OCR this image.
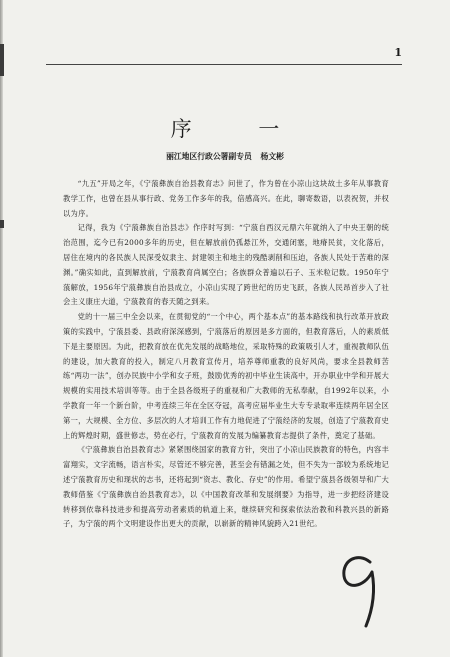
1
序 一
丽江地区行政公署副专员 杨文彬

“九五”开局之年，《宁蒗彝族自治县教育志》问世了，作为曾在小凉山这块故土多年从事教育教学工作，也曾在县从事行政、党务工作多年的我，倍感高兴。在此，聊寄数语，以表祝贺，并权以为序。

记得，我为《宁蒗彝族自治县志》作序时写到：“宁蒗自西汉元鼎六年就纳入了中央王朝的统治范围，迄今已有2000多年的历史，但在解放前仍孤悬江外，交通闭塞，地瘠民贫，文化落后，居住在境内的各民族人民深受奴隶主、封建领主和地主的残酷剥削和压迫，各族人民处于苦难的深渊。”确实如此，直到解放前，宁蒗教育尚属空白；各族群众普遍以石子、玉米粒记数。1950年宁蒗解放，1956年宁蒗彝族自治县成立，小凉山实现了跨世纪的历史飞跃，各族人民昂首步入了社会主义康庄大道，宁蒗教育的春天随之到来。

党的十一届三中全会以来，在贯彻党的“一个中心，两个基本点”的基本路线和执行改革开放政策的实践中，宁蒗县委、县政府深深感到，宁蒗落后的原因是多方面的，但教育落后，人的素质低下是主要原因。为此，把教育放在优先发展的战略地位，采取特殊的政策吸引人才，重视教师队伍的建设，加大教育的投入，制定八月教育宣传月，培养尊师重教的良好风尚，要求全县教师苦练“两功一法”，创办民族中小学和女子班，鼓励优秀的初中毕业生读高中，开办职业中学和开展大规模的实用技术培训等等。由于全县各级班子的重视和广大教师的无私奉献，自1992年以来，小学教育一年一个新台阶，中考连续三年在全区夺冠，高考应届毕业生大专专录取率连续两年居全区第一，大规模、全方位、多层次的人才培训工作有力地促进了宁蒗经济的发展，创造了宁蒗教育史上的辉煌时期，盛世修志，势在必行，宁蒗教育的发展为编纂教育志提供了条件，奠定了基础。

《宁蒗彝族自治县教育志》紧紧围绕国家的教育方针，突出了小凉山民族教育的特色，内容丰富翔实，文字流畅，语言朴实，尽管还不够完善，甚至会有错漏之处，但不失为一部较为系统地记述宁蒗教育历史和现状的志书，还将起到“资志、教化、存史”的作用。希望宁蒗县各级领导和广大教师借鉴《宁蒗彝族自治县教育志》，以《中国教育改革和发展纲要》为指导，进一步把经济建设转移到依靠科技进步和提高劳动者素质的轨道上来，继续研究和探索依法治教和科教兴县的新路子，为宁蒗的两个文明建设作出更大的贡献，以崭新的精神风貌跨入21世纪。
